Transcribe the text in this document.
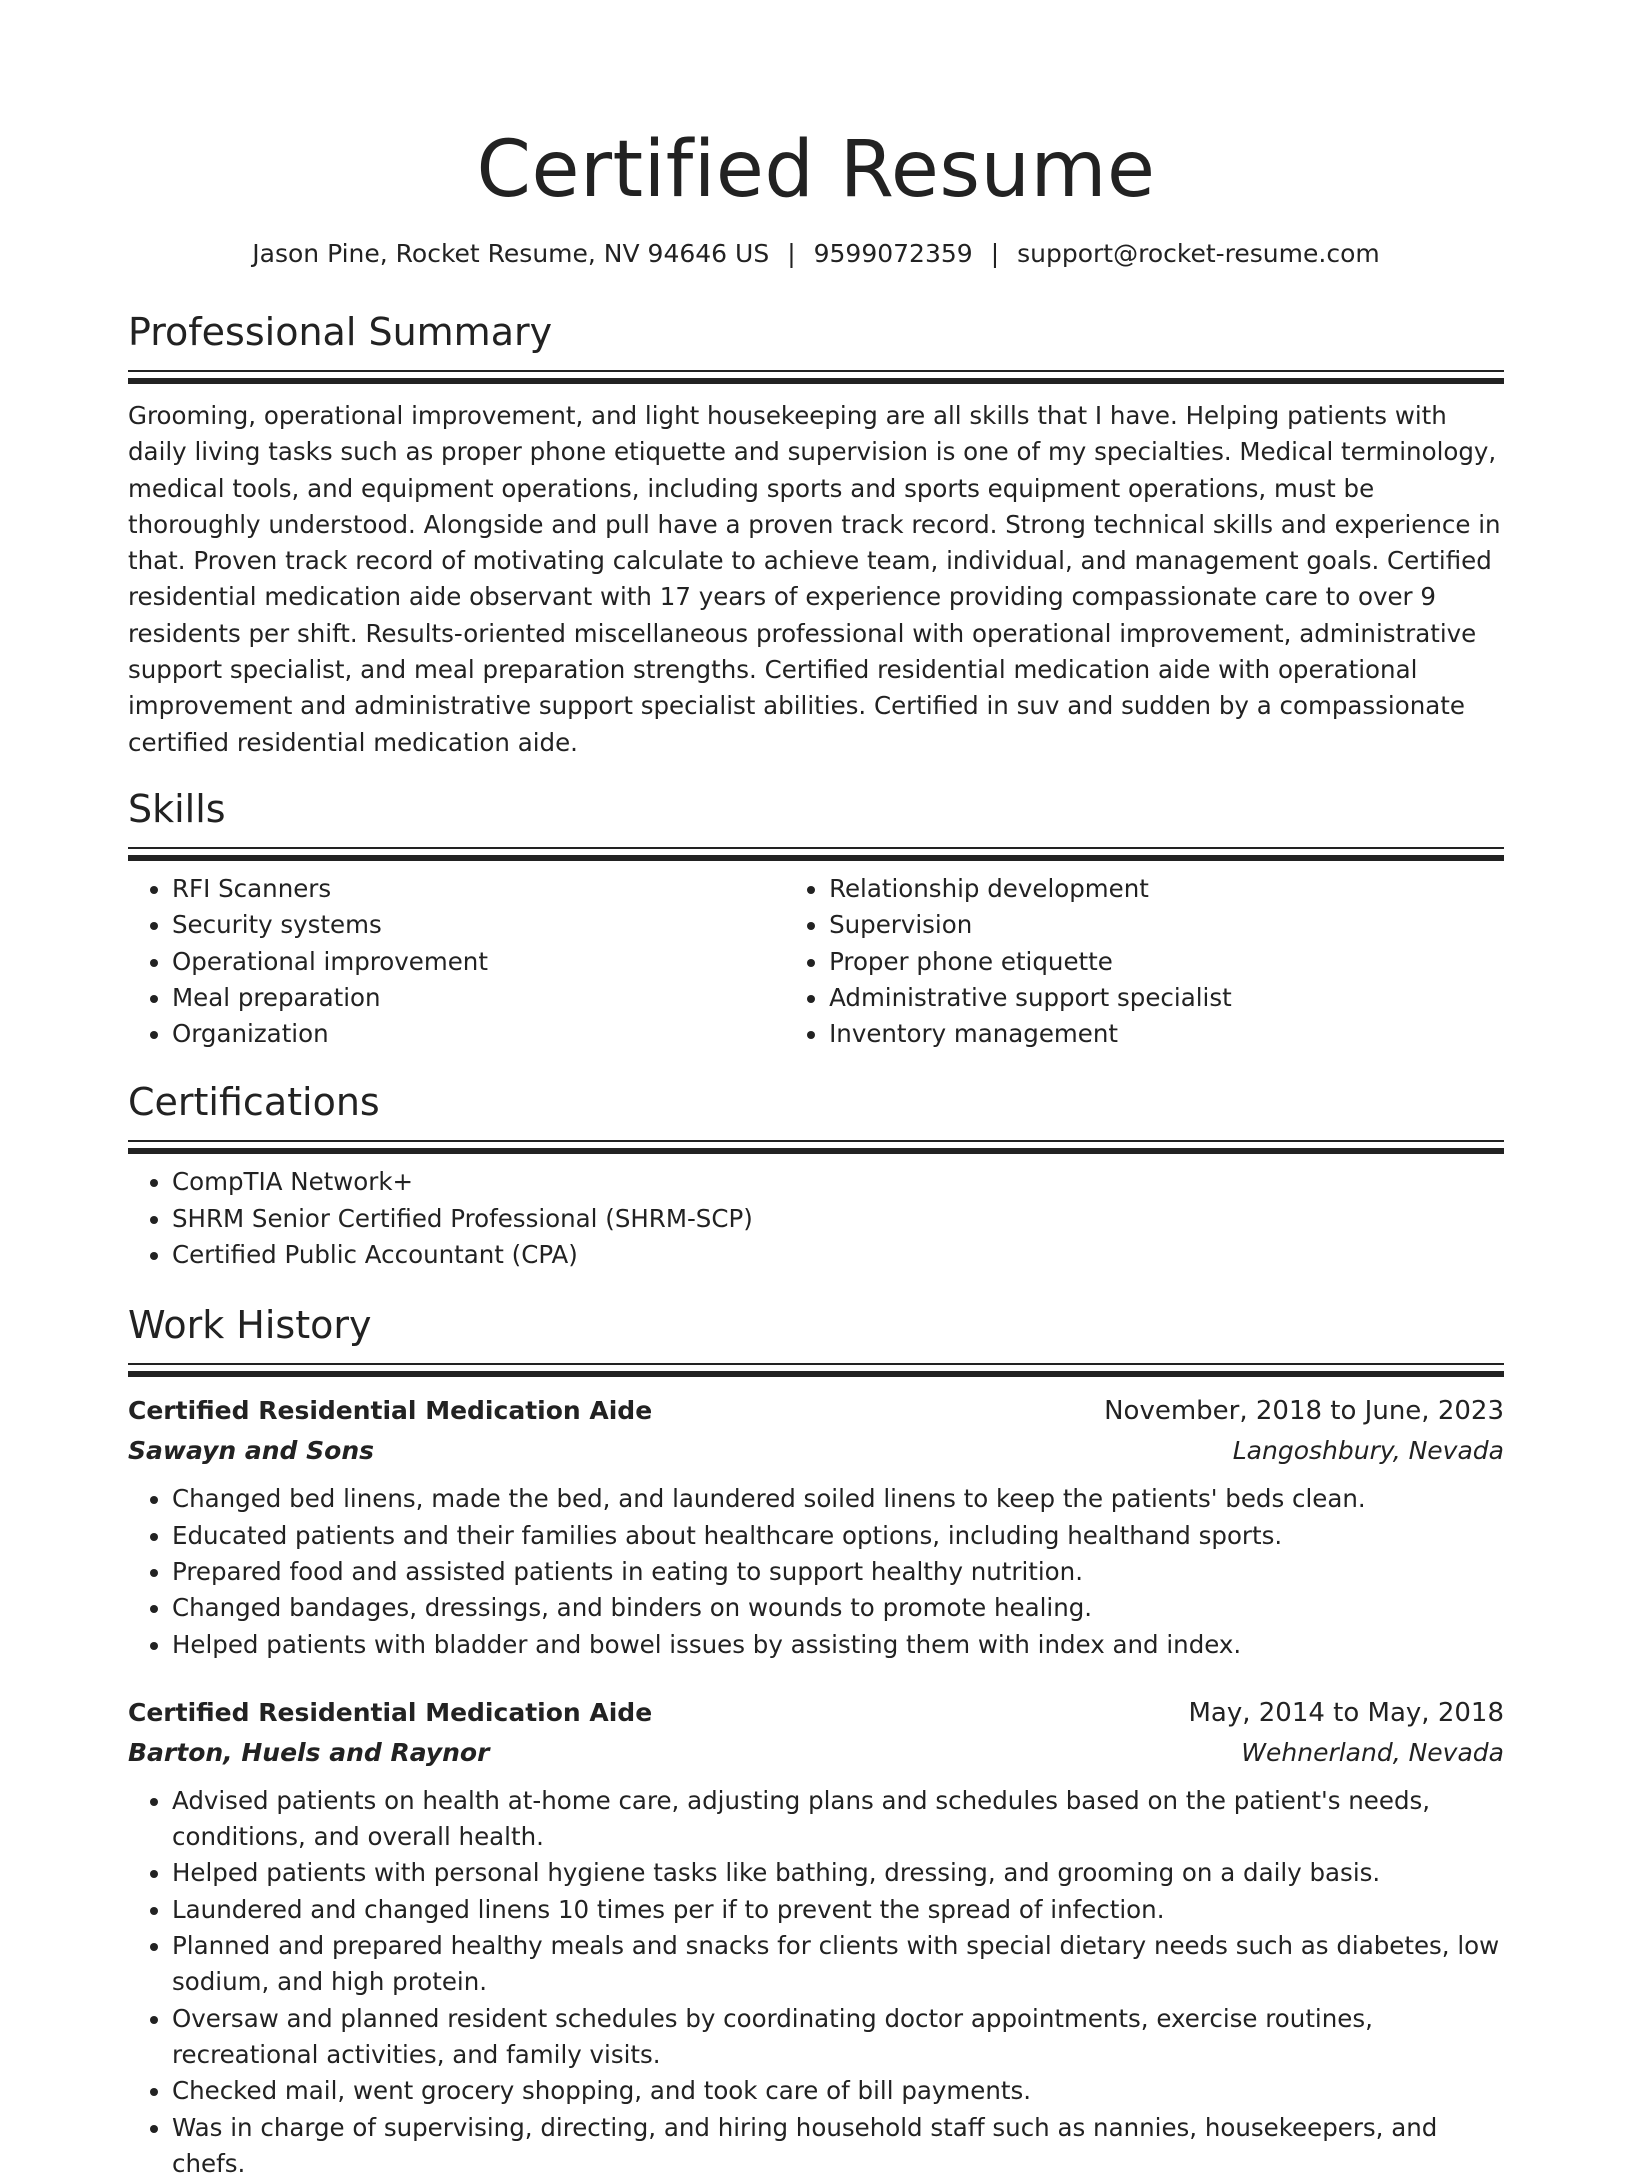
Certified Resume
Jason Pine, Rocket Resume, NV 94646 US | 9599072359 | support@rocket-resume.com
Professional Summary
Grooming, operational improvement, and light housekeeping are all skills that I have. Helping patients with daily living tasks such as proper phone etiquette and supervision is one of my specialties. Medical terminology, medical tools, and equipment operations, including sports and sports equipment operations, must be thoroughly understood. Alongside and pull have a proven track record. Strong technical skills and experience in that. Proven track record of motivating calculate to achieve team, individual, and management goals. Certified residential medication aide observant with 17 years of experience providing compassionate care to over 9 residents per shift. Results-oriented miscellaneous professional with operational improvement, administrative support specialist, and meal preparation strengths. Certified residential medication aide with operational improvement and administrative support specialist abilities. Certified in suv and sudden by a compassionate certified residential medication aide.
Skills
• RFI Scanners
• Security systems
• Operational improvement
• Meal preparation
• Organization
• Relationship development
• Supervision
• Proper phone etiquette
• Administrative support specialist
• Inventory management
Certifications
• CompTIA Network+
• SHRM Senior Certified Professional (SHRM-SCP)
• Certified Public Accountant (CPA)
Work History
Certified Residential Medication Aide	November, 2018 to June, 2023
Sawayn and Sons	Langoshbury, Nevada
• Changed bed linens, made the bed, and laundered soiled linens to keep the patients' beds clean.
• Educated patients and their families about healthcare options, including healthand sports.
• Prepared food and assisted patients in eating to support healthy nutrition.
• Changed bandages, dressings, and binders on wounds to promote healing.
• Helped patients with bladder and bowel issues by assisting them with index and index.
Certified Residential Medication Aide	May, 2014 to May, 2018
Barton, Huels and Raynor	Wehnerland, Nevada
• Advised patients on health at-home care, adjusting plans and schedules based on the patient's needs, conditions, and overall health.
• Helped patients with personal hygiene tasks like bathing, dressing, and grooming on a daily basis.
• Laundered and changed linens 10 times per if to prevent the spread of infection.
• Planned and prepared healthy meals and snacks for clients with special dietary needs such as diabetes, low sodium, and high protein.
• Oversaw and planned resident schedules by coordinating doctor appointments, exercise routines, recreational activities, and family visits.
• Checked mail, went grocery shopping, and took care of bill payments.
• Was in charge of supervising, directing, and hiring household staff such as nannies, housekeepers, and chefs.
